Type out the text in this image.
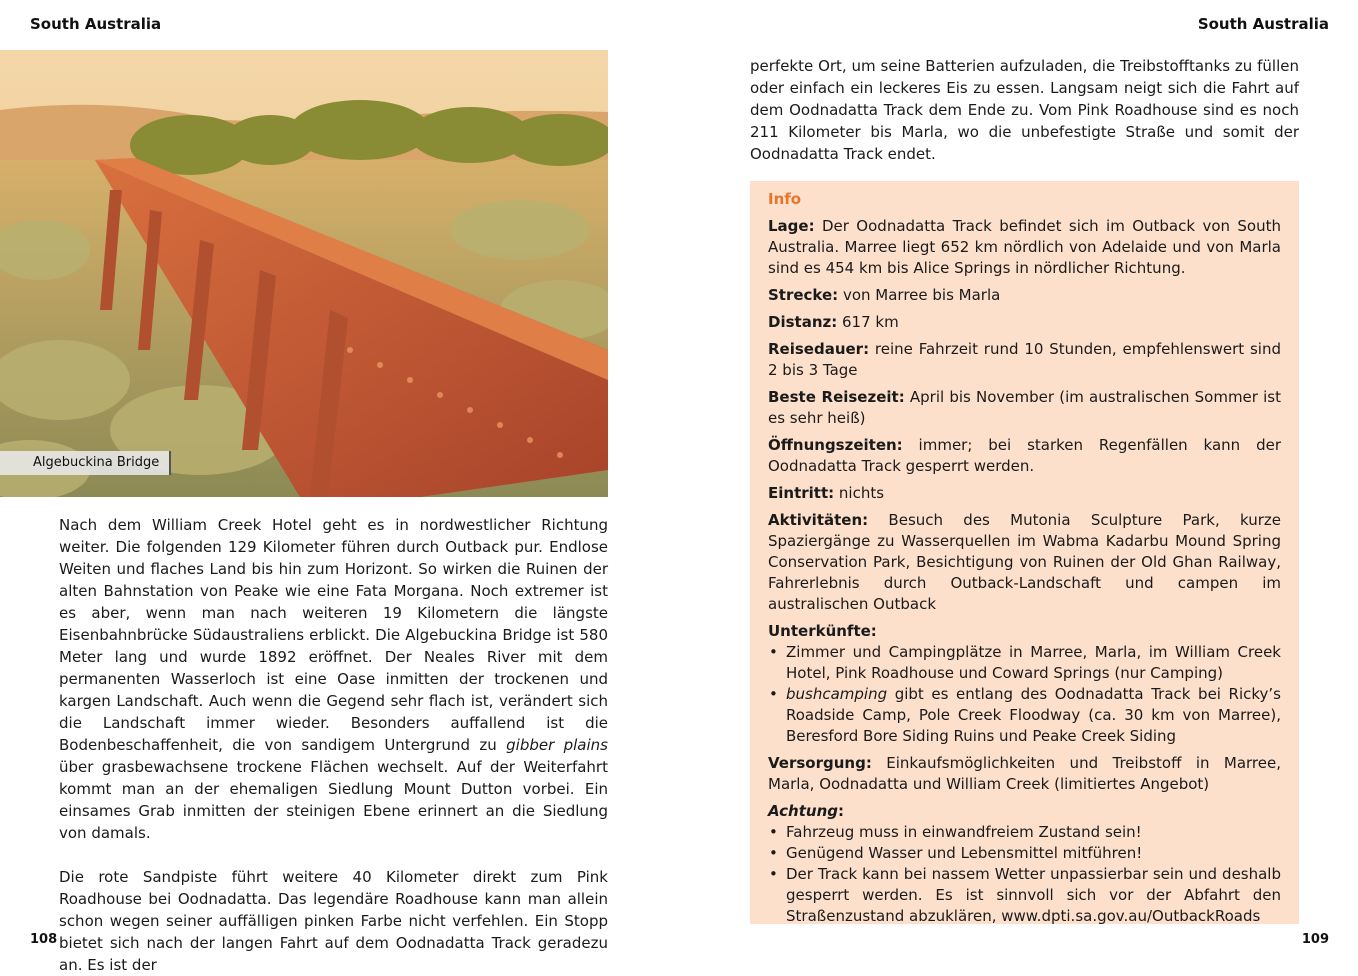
South Australia
Algebuckina Bridge

Nach dem William Creek Hotel geht es in nordwestlicher Richtung weiter. Die folgenden 129 Kilometer führen durch Outback pur. Endlose Weiten und flaches Land bis hin zum Horizont. So wirken die Ruinen der alten Bahnstation von Peake wie eine Fata Morgana. Noch extremer ist es aber, wenn man nach weiteren 19 Kilometern die längste Eisenbahnbrücke Südaustraliens erblickt. Die Algebuckina Bridge ist 580 Meter lang und wurde 1892 eröffnet. Der Neales River mit dem permanenten Wasserloch ist eine Oase inmitten der trockenen und kargen Landschaft. Auch wenn die Gegend sehr flach ist, verändert sich die Landschaft immer wieder. Besonders auffallend ist die Bodenbeschaffenheit, die von sandigem Untergrund zu gibber plains über grasbewachsene trockene Flächen wechselt. Auf der Weiterfahrt kommt man an der ehemaligen Siedlung Mount Dutton vorbei. Ein einsames Grab inmitten der steinigen Ebene erinnert an die Siedlung von damals.

Die rote Sandpiste führt weitere 40 Kilometer direkt zum Pink Roadhouse bei Oodnadatta. Das legendäre Roadhouse kann man allein schon wegen seiner auffälligen pinken Farbe nicht verfehlen. Ein Stopp bietet sich nach der langen Fahrt auf dem Oodnadatta Track geradezu an. Es ist der

108
South Australia

perfekte Ort, um seine Batterien aufzuladen, die Treibstofftanks zu füllen oder einfach ein leckeres Eis zu essen. Langsam neigt sich die Fahrt auf dem Oodnadatta Track dem Ende zu. Vom Pink Roadhouse sind es noch 211 Kilometer bis Marla, wo die unbefestigte Straße und somit der Oodnadatta Track endet.

Info

Lage: Der Oodnadatta Track befindet sich im Outback von South Australia. Marree liegt 652 km nördlich von Adelaide und von Marla sind es 454 km bis Alice Springs in nördlicher Richtung.

Strecke: von Marree bis Marla

Distanz: 617 km

Reisedauer: reine Fahrzeit rund 10 Stunden, empfehlenswert sind 2 bis 3 Tage

Beste Reisezeit: April bis November (im australischen Sommer ist es sehr heiß)

Öffnungszeiten: immer; bei starken Regenfällen kann der Oodnadatta Track gesperrt werden.

Eintritt: nichts

Aktivitäten: Besuch des Mutonia Sculpture Park, kurze Spaziergänge zu Wasserquellen im Wabma Kadarbu Mound Spring Conservation Park, Besichtigung von Ruinen der Old Ghan Railway, Fahrerlebnis durch Outback-Landschaft und campen im australischen Outback

Unterkünfte:

• Zimmer und Campingplätze in Marree, Marla, im William Creek Hotel, Pink Roadhouse und Coward Springs (nur Camping)
• bushcamping gibt es entlang des Oodnadatta Track bei Ricky’s Roadside Camp, Pole Creek Floodway (ca. 30 km von Marree), Beresford Bore Siding Ruins und Peake Creek Siding

Versorgung: Einkaufsmöglichkeiten und Treibstoff in Marree, Marla, Oodnadatta und William Creek (limitiertes Angebot)

Achtung:

• Fahrzeug muss in einwandfreiem Zustand sein!
• Genügend Wasser und Lebensmittel mitführen!
• Der Track kann bei nassem Wetter unpassierbar sein und deshalb gesperrt werden. Es ist sinnvoll sich vor der Abfahrt den Straßenzustand abzuklären, www.dpti.sa.gov.au/OutbackRoads
109
